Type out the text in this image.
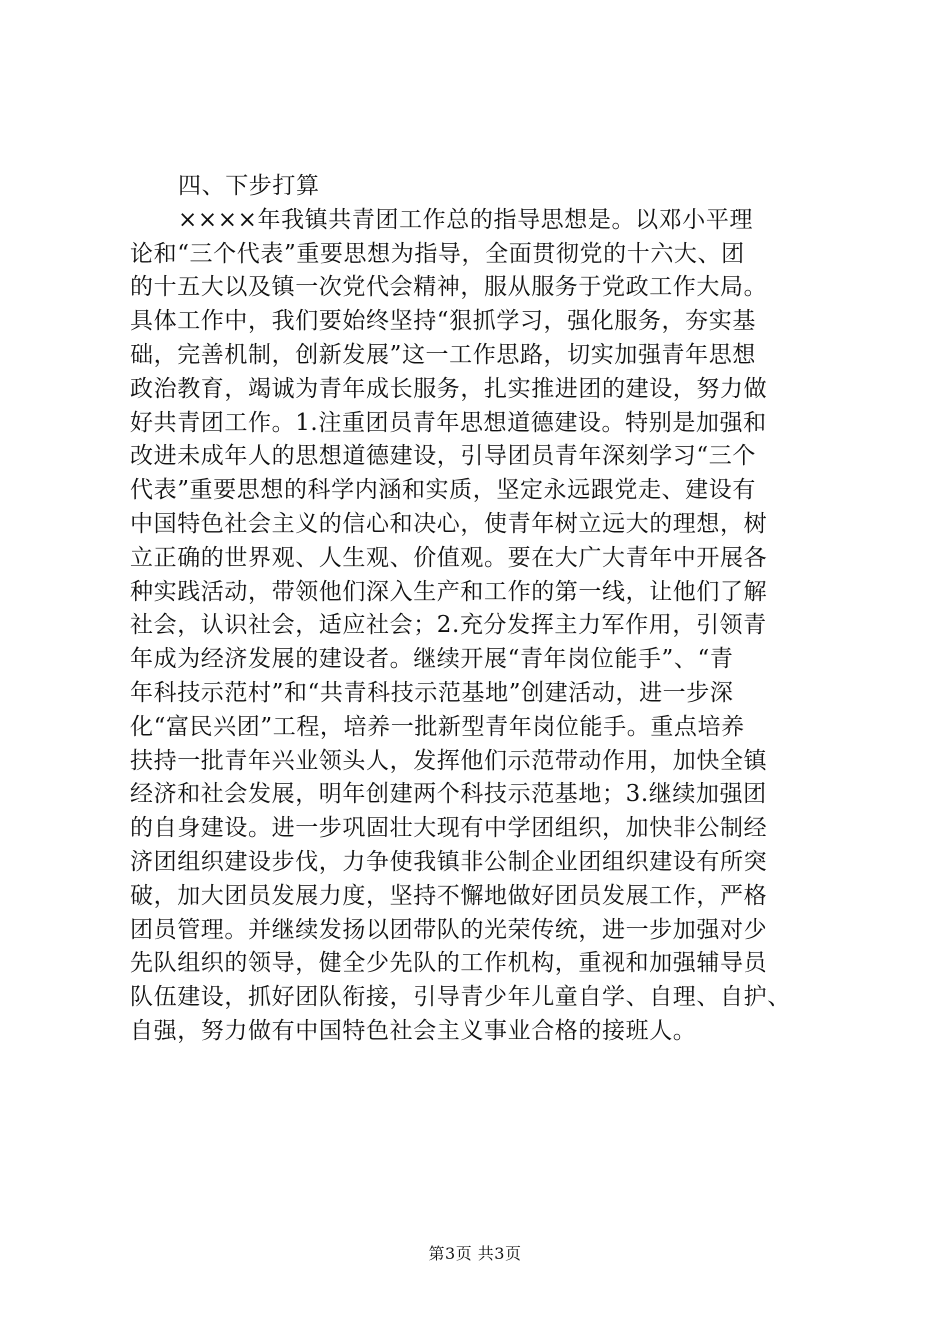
四、下步打算
××××年我镇共青团工作总的指导思想是。以邓小平理
论和“三个代表”重要思想为指导，全面贯彻党的十六大、团
的十五大以及镇一次党代会精神，服从服务于党政工作大局。
具体工作中，我们要始终坚持“狠抓学习，强化服务，夯实基
础，完善机制，创新发展”这一工作思路，切实加强青年思想
政治教育，竭诚为青年成长服务，扎实推进团的建设，努力做
好共青团工作。1.注重团员青年思想道德建设。特别是加强和
改进未成年人的思想道德建设，引导团员青年深刻学习“三个
代表”重要思想的科学内涵和实质，坚定永远跟党走、建设有
中国特色社会主义的信心和决心，使青年树立远大的理想，树
立正确的世界观、人生观、价值观。要在大广大青年中开展各
种实践活动，带领他们深入生产和工作的第一线，让他们了解
社会，认识社会，适应社会；2.充分发挥主力军作用，引领青
年成为经济发展的建设者。继续开展“青年岗位能手”、“青
年科技示范村”和“共青科技示范基地”创建活动，进一步深
化“富民兴团”工程，培养一批新型青年岗位能手。重点培养
扶持一批青年兴业领头人，发挥他们示范带动作用，加快全镇
经济和社会发展，明年创建两个科技示范基地；3.继续加强团
的自身建设。进一步巩固壮大现有中学团组织，加快非公制经
济团组织建设步伐，力争使我镇非公制企业团组织建设有所突
破，加大团员发展力度，坚持不懈地做好团员发展工作，严格
团员管理。并继续发扬以团带队的光荣传统，进一步加强对少
先队组织的领导，健全少先队的工作机构，重视和加强辅导员
队伍建设，抓好团队衔接，引导青少年儿童自学、自理、自护、
自强，努力做有中国特色社会主义事业合格的接班人。
第3页 共3页
